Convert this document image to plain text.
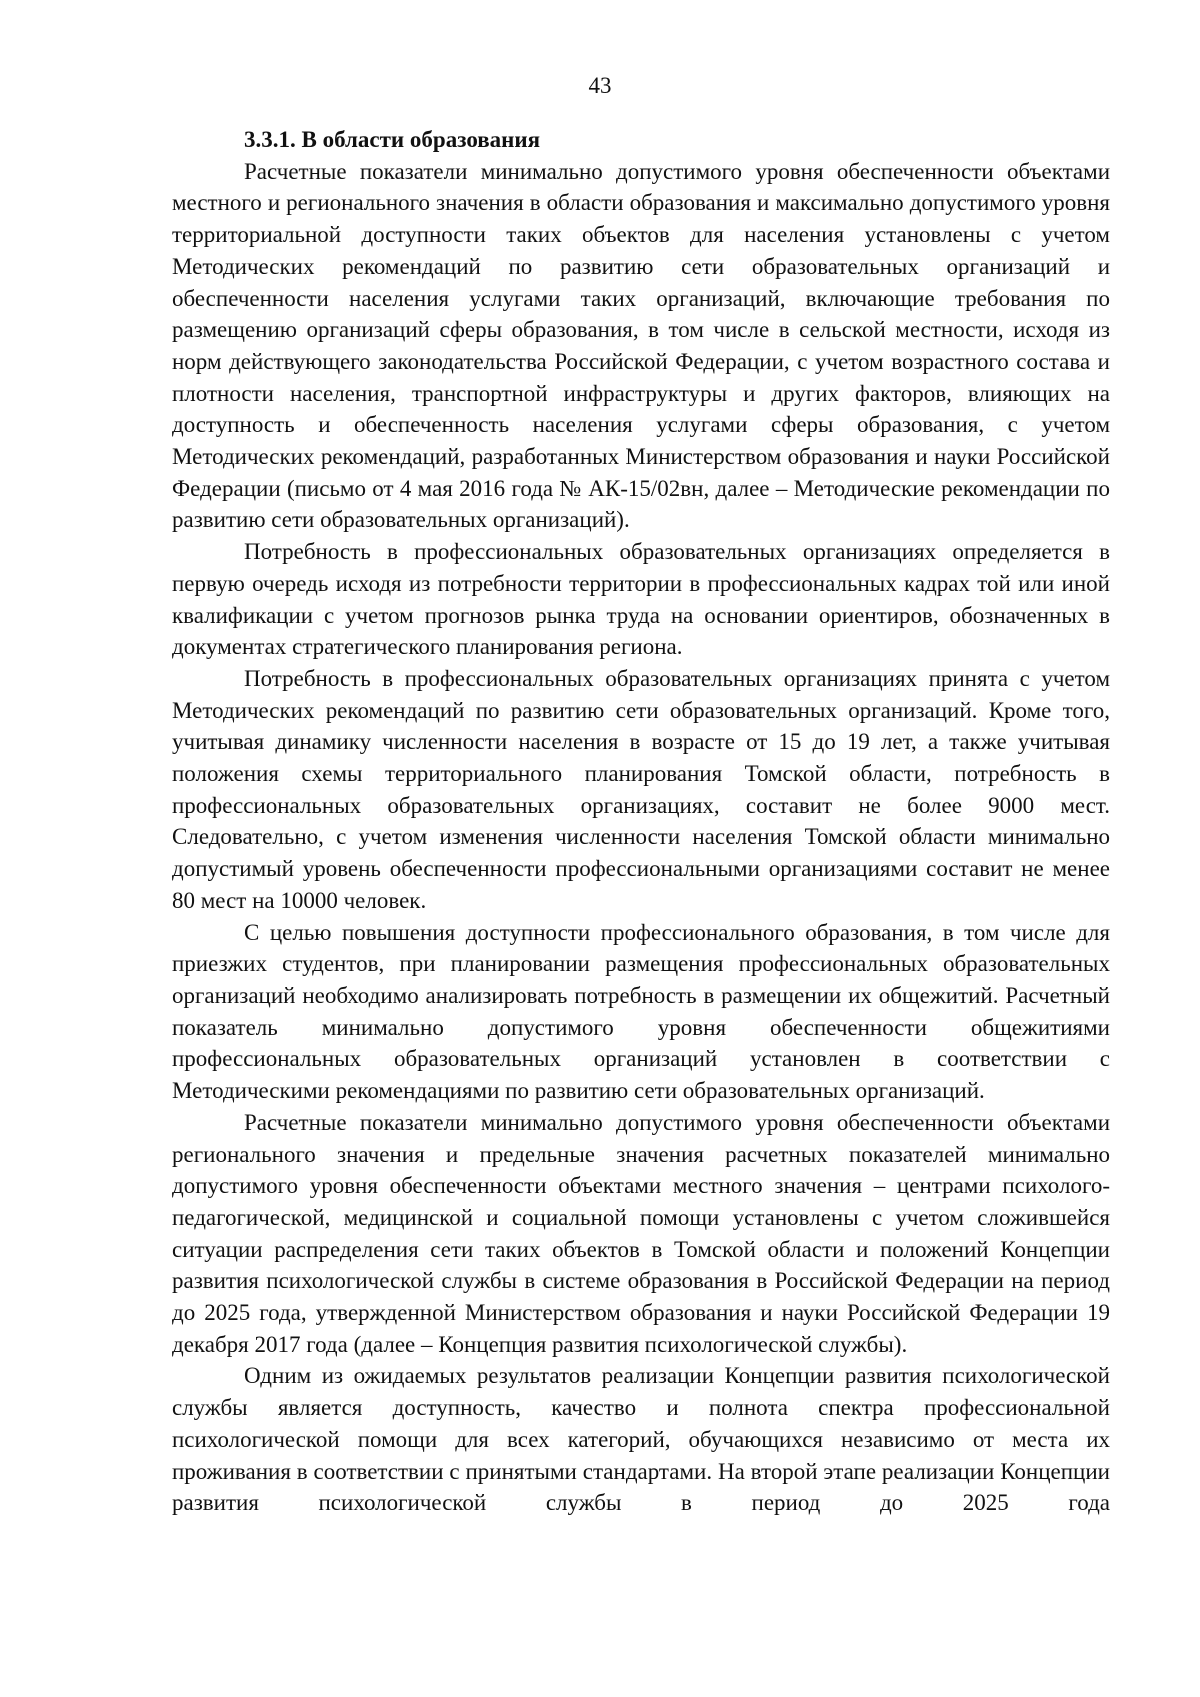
43

3.3.1. В области образования

Расчетные показатели минимально допустимого уровня обеспеченности объектами местного и регионального значения в области образования и максимально допустимого уровня территориальной доступности таких объектов для населения установлены с учетом Методических рекомендаций по развитию сети образовательных организаций и обеспеченности населения услугами таких организаций, включающие требования по размещению организаций сферы образования, в том числе в сельской местности, исходя из норм действующего законодательства Российской Федерации, с учетом возрастного состава и плотности населения, транспортной инфраструктуры и других факторов, влияющих на доступность и обеспеченность населения услугами сферы образования, с учетом Методических рекомендаций, разработанных Министерством образования и науки Российской Федерации (письмо от 4 мая 2016 года № АК-15/02вн, далее – Методические рекомендации по развитию сети образовательных организаций).

Потребность в профессиональных образовательных организациях определяется в первую очередь исходя из потребности территории в профессиональных кадрах той или иной квалификации с учетом прогнозов рынка труда на основании ориентиров, обозначенных в документах стратегического планирования региона.

Потребность в профессиональных образовательных организациях принята с учетом Методических рекомендаций по развитию сети образовательных организаций. Кроме того, учитывая динамику численности населения в возрасте от 15 до 19 лет, а также учитывая положения схемы территориального планирования Томской области, потребность в профессиональных образовательных организациях, составит не более 9000 мест. Следовательно, с учетом изменения численности населения Томской области минимально допустимый уровень обеспеченности профессиональными организациями составит не менее 80 мест на 10000 человек.

С целью повышения доступности профессионального образования, в том числе для приезжих студентов, при планировании размещения профессиональных образовательных организаций необходимо анализировать потребность в размещении их общежитий. Расчетный показатель минимально допустимого уровня обеспеченности общежитиями профессиональных образовательных организаций установлен в соответствии с Методическими рекомендациями по развитию сети образовательных организаций.

Расчетные показатели минимально допустимого уровня обеспеченности объектами регионального значения и предельные значения расчетных показателей минимально допустимого уровня обеспеченности объектами местного значения – центрами психолого-педагогической, медицинской и социальной помощи установлены с учетом сложившейся ситуации распределения сети таких объектов в Томской области и положений Концепции развития психологической службы в системе образования в Российской Федерации на период до 2025 года, утвержденной Министерством образования и науки Российской Федерации 19 декабря 2017 года (далее – Концепция развития психологической службы).

Одним из ожидаемых результатов реализации Концепции развития психологической службы является доступность, качество и полнота спектра профессиональной психологической помощи для всех категорий, обучающихся независимо от места их проживания в соответствии с принятыми стандартами. На второй этапе реализации Концепции развития психологической службы в период до 2025 года
